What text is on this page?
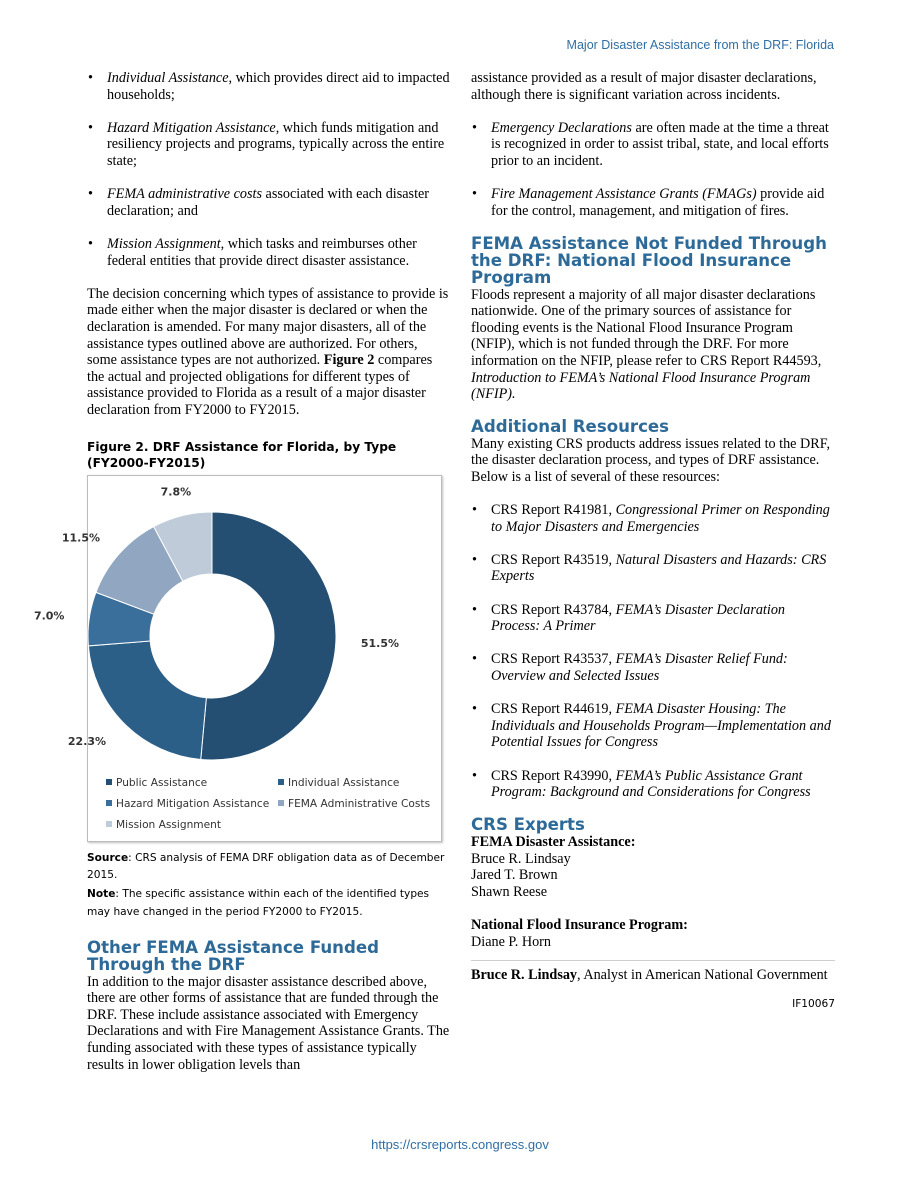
Major Disaster Assistance from the DRF: Florida
• Individual Assistance, which provides direct aid to impacted households;
• Hazard Mitigation Assistance, which funds mitigation and resiliency projects and programs, typically across the entire state;
• FEMA administrative costs associated with each disaster declaration; and
• Mission Assignment, which tasks and reimburses other federal entities that provide direct disaster assistance.

The decision concerning which types of assistance to provide is made either when the major disaster is declared or when the declaration is amended. For many major disasters, all of the assistance types outlined above are authorized. For others, some assistance types are not authorized. Figure 2 compares the actual and projected obligations for different types of assistance provided to Florida as a result of a major disaster declaration from FY2000 to FY2015.

Figure 2. DRF Assistance for Florida, by Type (FY2000-FY2015)
51.5%
22.3%
7.0%
11.5%
7.8%
Public Assistance	Individual Assistance
Hazard Mitigation Assistance FEMA Administrative Costs
Mission Assignment
Source: CRS analysis of FEMA DRF obligation data as of December 2015.
Note: The specific assistance within each of the identified types may have changed in the period FY2000 to FY2015.
Other FEMA Assistance Funded Through the DRF

In addition to the major disaster assistance described above, there are other forms of assistance that are funded through the DRF. These include assistance associated with Emergency Declarations and with Fire Management Assistance Grants. The funding associated with these types of assistance typically results in lower obligation levels than

assistance provided as a result of major disaster declarations, although there is significant variation across incidents.

• Emergency Declarations are often made at the time a threat is recognized in order to assist tribal, state, and local efforts prior to an incident.
• Fire Management Assistance Grants (FMAGs) provide aid for the control, management, and mitigation of fires.
FEMA Assistance Not Funded Through the DRF: National Flood Insurance Program

Floods represent a majority of all major disaster declarations nationwide. One of the primary sources of assistance for flooding events is the National Flood Insurance Program (NFIP), which is not funded through the DRF. For more information on the NFIP, please refer to CRS Report R44593, Introduction to FEMA’s National Flood Insurance Program (NFIP).

Additional Resources

Many existing CRS products address issues related to the DRF, the disaster declaration process, and types of DRF assistance. Below is a list of several of these resources:

• CRS Report R41981, Congressional Primer on Responding to Major Disasters and Emergencies
• CRS Report R43519, Natural Disasters and Hazards: CRS Experts
• CRS Report R43784, FEMA’s Disaster Declaration Process: A Primer
• CRS Report R43537, FEMA’s Disaster Relief Fund: Overview and Selected Issues
• CRS Report R44619, FEMA Disaster Housing: The Individuals and Households Program—Implementation and Potential Issues for Congress
• CRS Report R43990, FEMA’s Public Assistance Grant Program: Background and Considerations for Congress
CRS Experts

FEMA Disaster Assistance:

Bruce R. Lindsay

Jared T. Brown

Shawn Reese

National Flood Insurance Program:

Diane P. Horn

Bruce R. Lindsay, Analyst in American National Government

IF10067
https://crsreports.congress.gov
